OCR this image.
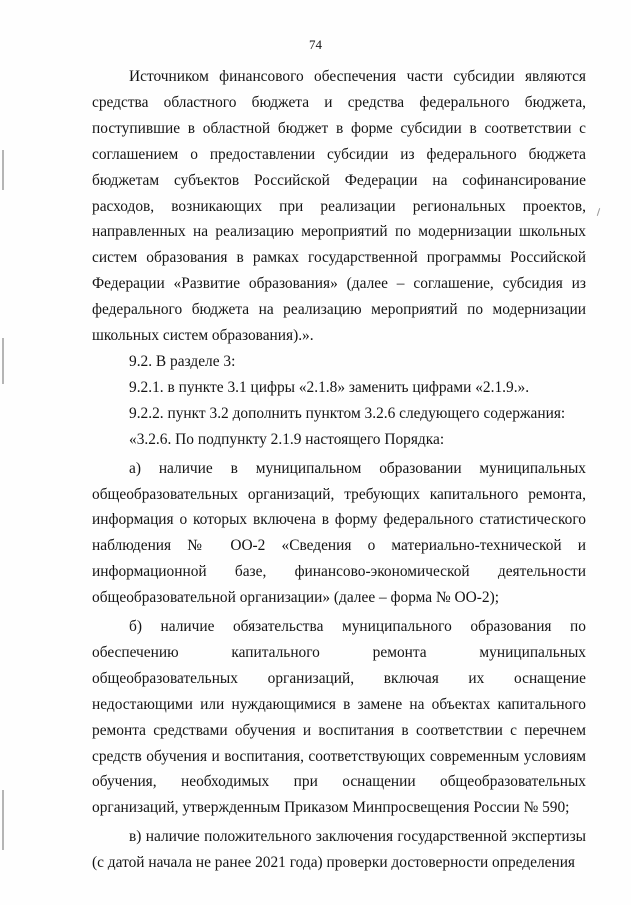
74

Источником финансового обеспечения части субсидии являются средства областного бюджета и средства федерального бюджета, поступившие в областной бюджет в форме субсидии в соответствии с соглашением о предоставлении субсидии из федерального бюджета бюджетам субъектов Российской Федерации на софинансирование расходов, возникающих при реализации региональных проектов, направленных на реализацию мероприятий по модернизации школьных систем образования в рамках государственной программы Российской Федерации «Развитие образования» (далее – соглашение, субсидия из федерального бюджета на реализацию мероприятий по модернизации школьных систем образования).».

9.2. В разделе 3:

9.2.1. в пункте 3.1 цифры «2.1.8» заменить цифрами «2.1.9.».

9.2.2. пункт 3.2 дополнить пунктом 3.2.6 следующего содержания:

«3.2.6. По подпункту 2.1.9 настоящего Порядка:

а) наличие в муниципальном образовании муниципальных общеобразовательных организаций, требующих капитального ремонта, информация о которых включена в форму федерального статистического наблюдения № ОО-2 «Сведения о материально-технической и информационной базе, финансово-экономической деятельности общеобразовательной организации» (далее – форма № ОО-2);

б) наличие обязательства муниципального образования по обеспечению капитального ремонта муниципальных общеобразовательных организаций, включая их оснащение недостающими или нуждающимися в замене на объектах капитального ремонта средствами обучения и воспитания в соответствии с перечнем средств обучения и воспитания, соответствующих современным условиям обучения, необходимых при оснащении общеобразовательных организаций, утвержденным Приказом Минпросвещения России № 590;

в) наличие положительного заключения государственной экспертизы (с датой начала не ранее 2021 года) проверки достоверности определения
